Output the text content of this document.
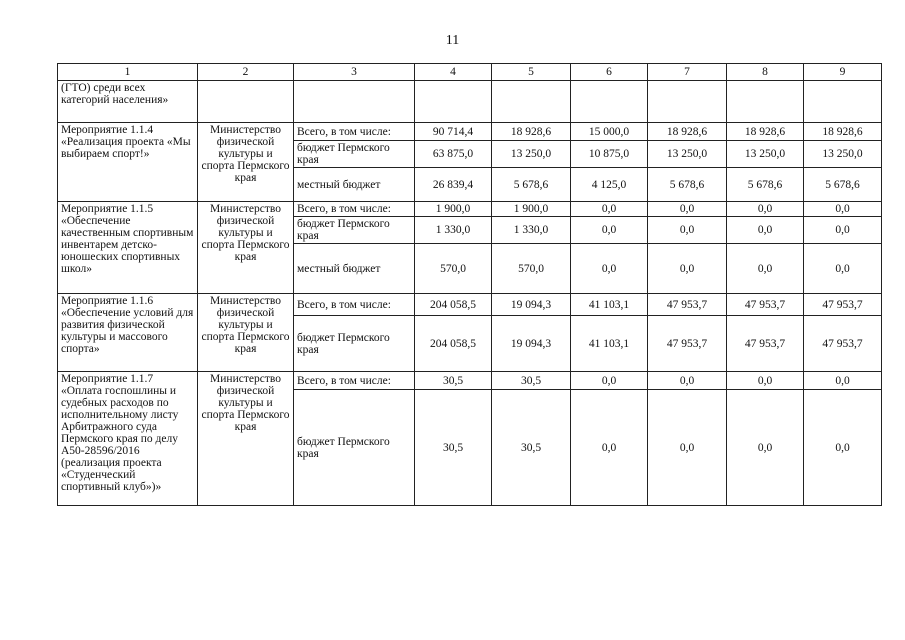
11
1	2	3	4	5	6	7	8	9
(ГТО) среди всех категорий населения»								
Мероприятие 1.1.4 «Реализация проекта «Мы выбираем спорт!»	Министерство физической культуры и спорта Пермского края	Всего, в том числе:	90 714,4	18 928,6	15 000,0	18 928,6	18 928,6	18 928,6
		бюджет Пермского края	63 875,0	13 250,0	10 875,0	13 250,0	13 250,0	13 250,0
		местный бюджет	26 839,4	5 678,6	4 125,0	5 678,6	5 678,6	5 678,6
Мероприятие 1.1.5 «Обеспечение качественным спортивным инвентарем детско-юношеских спортивных школ»	Министерство физической культуры и спорта Пермского края	Всего, в том числе:	1 900,0	1 900,0	0,0	0,0	0,0	0,0
		бюджет Пермского края	1 330,0	1 330,0	0,0	0,0	0,0	0,0
		местный бюджет	570,0	570,0	0,0	0,0	0,0	0,0
Мероприятие 1.1.6 «Обеспечение условий для развития физической культуры и массового спорта»	Министерство физической культуры и спорта Пермского края	Всего, в том числе:	204 058,5	19 094,3	41 103,1	47 953,7	47 953,7	47 953,7
		бюджет Пермского края	204 058,5	19 094,3	41 103,1	47 953,7	47 953,7	47 953,7
Мероприятие 1.1.7 «Оплата госпошлины и судебных расходов по исполнительному листу Арбитражного суда Пермского края по делу А50-28596/2016 (реализация проекта «Студенческий спортивный клуб»)»	Министерство физической культуры и спорта Пермского края	Всего, в том числе:	30,5	30,5	0,0	0,0	0,0	0,0
		бюджет Пермского края	30,5	30,5	0,0	0,0	0,0	0,0
